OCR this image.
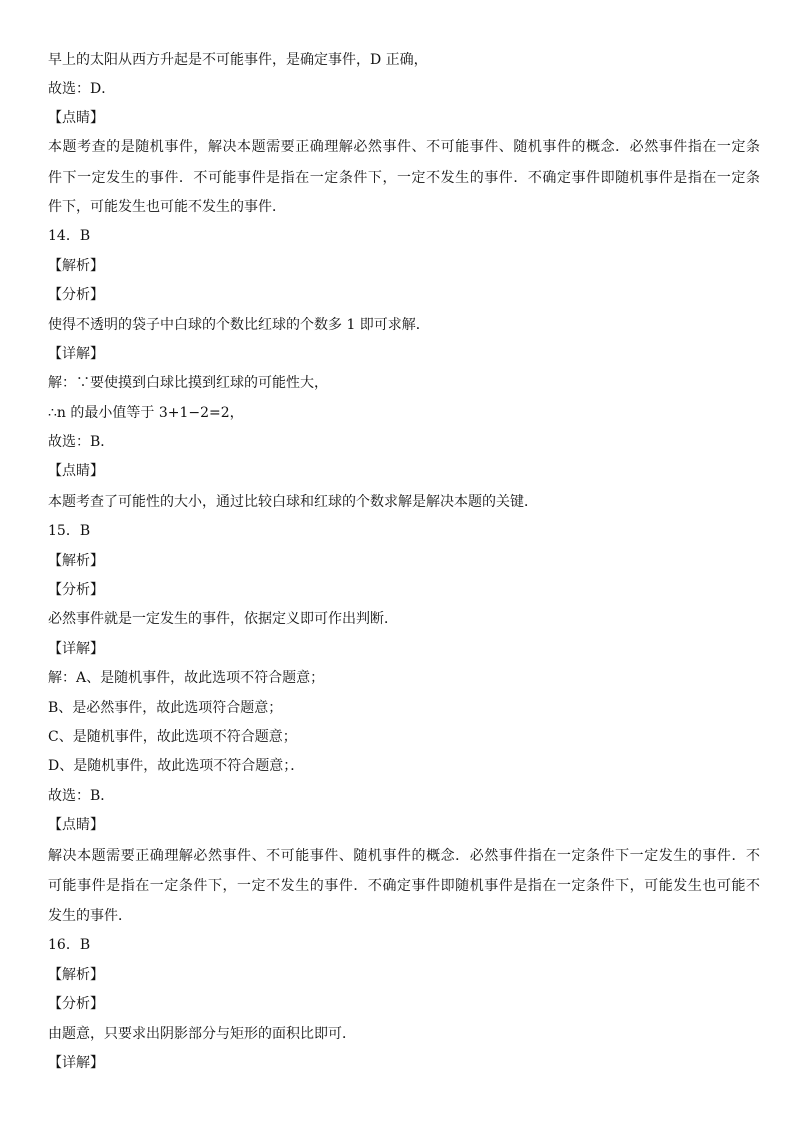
早上的太阳从西方升起是不可能事件，是确定事件，D 正确，
故选：D．
【点睛】
本题考查的是随机事件，解决本题需要正确理解必然事件、不可能事件、随机事件的概念．必然事件指在一定条
件下一定发生的事件．不可能事件是指在一定条件下，一定不发生的事件．不确定事件即随机事件是指在一定条
件下，可能发生也可能不发生的事件．
14．B
【解析】
【分析】
使得不透明的袋子中白球的个数比红球的个数多 1 即可求解．
【详解】
解：∵要使摸到白球比摸到红球的可能性大，
∴n 的最小值等于 3+1−2=2，
故选：B．
【点睛】
本题考查了可能性的大小，通过比较白球和红球的个数求解是解决本题的关键．
15．B
【解析】
【分析】
必然事件就是一定发生的事件，依据定义即可作出判断．
【详解】
解：A、是随机事件，故此选项不符合题意；
B、是必然事件，故此选项符合题意；
C、是随机事件，故此选项不符合题意；
D、是随机事件，故此选项不符合题意；．
故选：B．
【点睛】
解决本题需要正确理解必然事件、不可能事件、随机事件的概念．必然事件指在一定条件下一定发生的事件．不
可能事件是指在一定条件下，一定不发生的事件．不确定事件即随机事件是指在一定条件下，可能发生也可能不
发生的事件．
16．B
【解析】
【分析】
由题意，只要求出阴影部分与矩形的面积比即可．
【详解】
